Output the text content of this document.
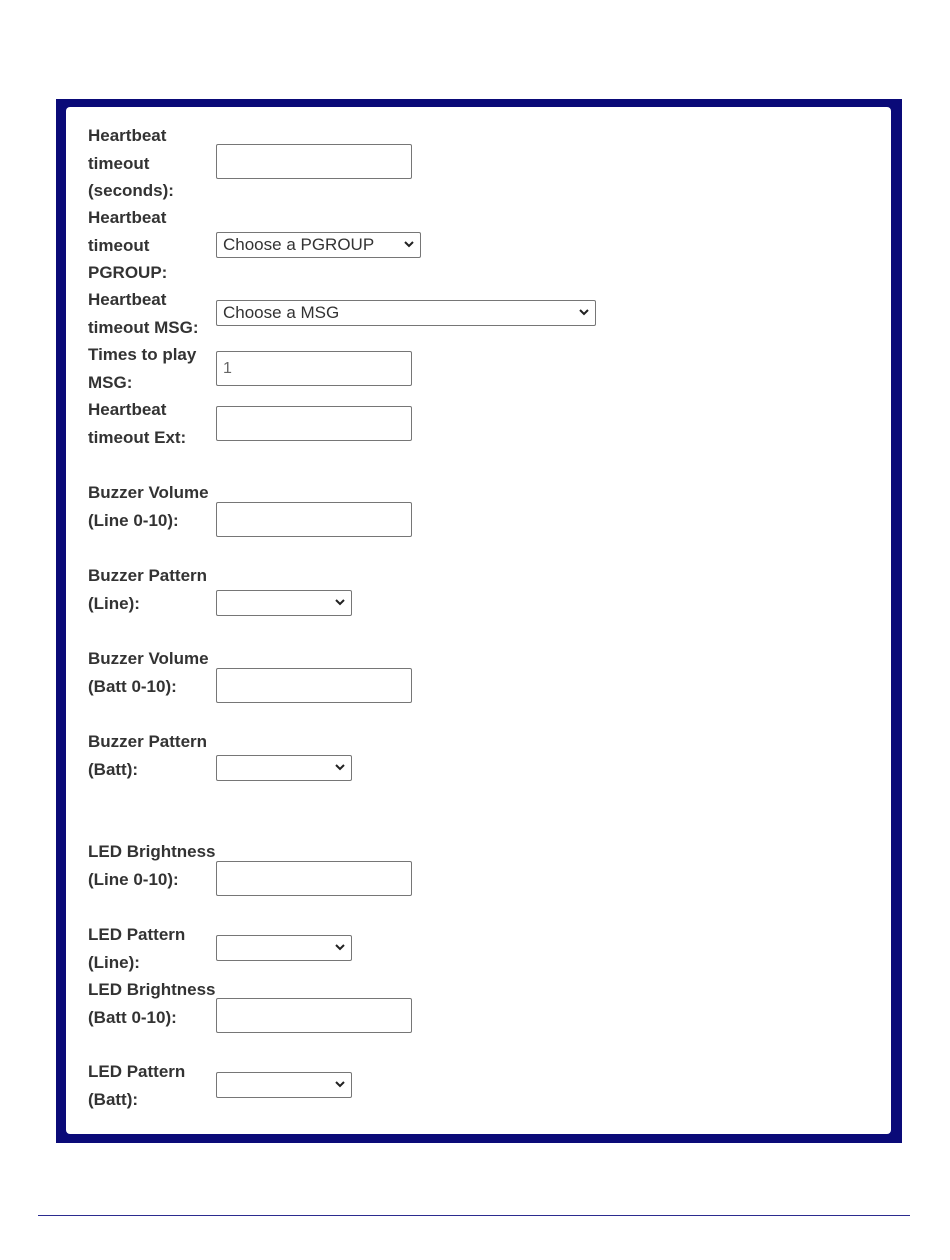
Heartbeat timeout (seconds):
Heartbeat timeout PGROUP:
Choose a PGROUP
Heartbeat timeout MSG:
Choose a MSG
Times to play MSG:
1
Heartbeat timeout Ext:
Buzzer Volume (Line 0-10):
Buzzer Pattern (Line):
Buzzer Volume (Batt 0-10):
Buzzer Pattern (Batt):
LED Brightness (Line 0-10):
LED Pattern (Line):
LED Brightness (Batt 0-10):
LED Pattern (Batt):
